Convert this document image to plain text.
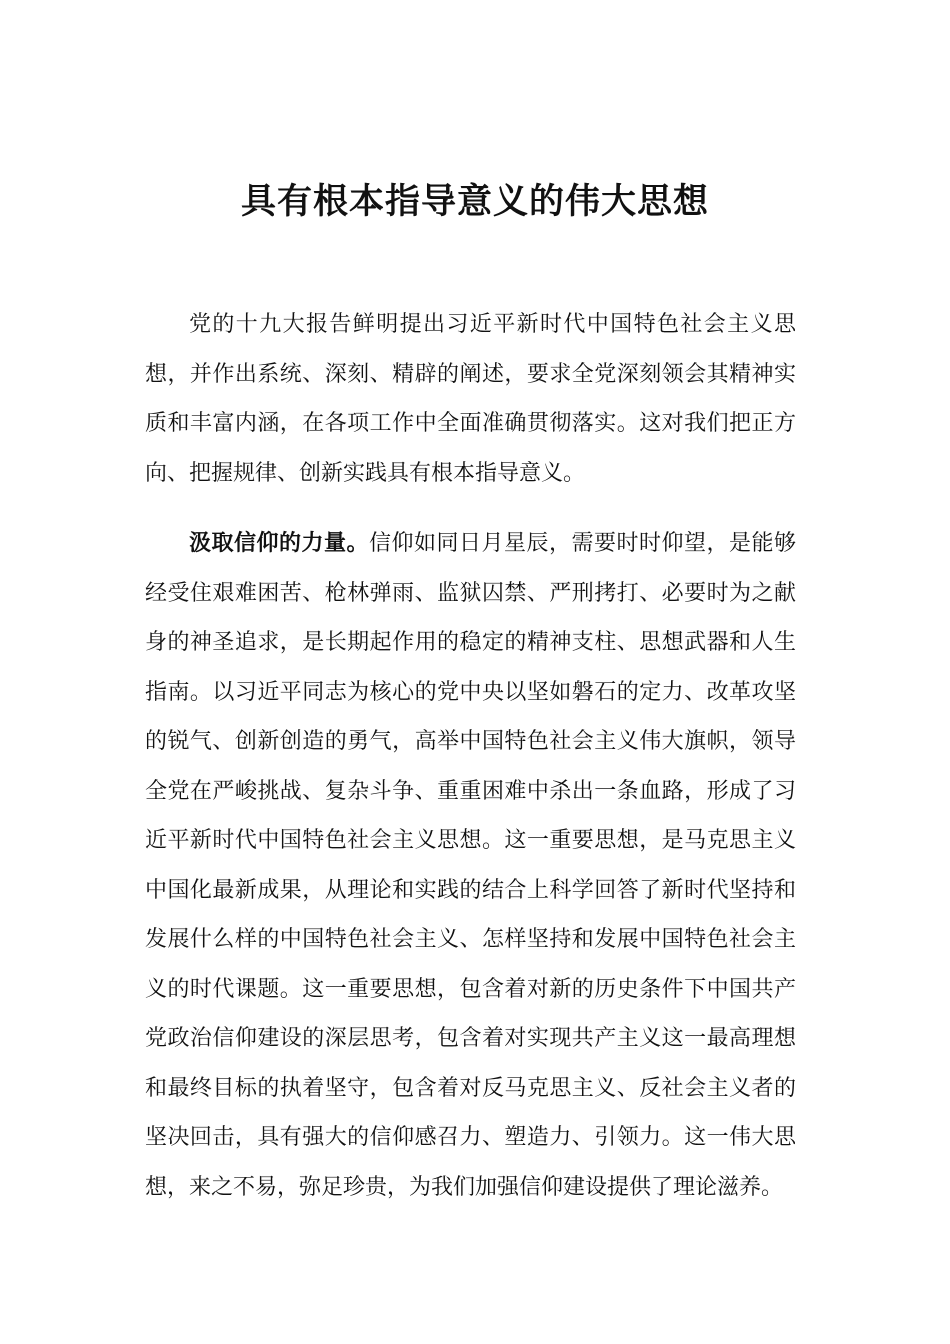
具有根本指导意义的伟大思想

党的十九大报告鲜明提出习近平新时代中国特色社会主义思想，并作出系统、深刻、精辟的阐述，要求全党深刻领会其精神实质和丰富内涵，在各项工作中全面准确贯彻落实。这对我们把正方向、把握规律、创新实践具有根本指导意义。

汲取信仰的力量。信仰如同日月星辰，需要时时仰望，是能够经受住艰难困苦、枪林弹雨、监狱囚禁、严刑拷打、必要时为之献身的神圣追求，是长期起作用的稳定的精神支柱、思想武器和人生指南。以习近平同志为核心的党中央以坚如磐石的定力、改革攻坚的锐气、创新创造的勇气，高举中国特色社会主义伟大旗帜，领导全党在严峻挑战、复杂斗争、重重困难中杀出一条血路，形成了习近平新时代中国特色社会主义思想。这一重要思想，是马克思主义中国化最新成果，从理论和实践的结合上科学回答了新时代坚持和发展什么样的中国特色社会主义、怎样坚持和发展中国特色社会主义的时代课题。这一重要思想，包含着对新的历史条件下中国共产党政治信仰建设的深层思考，包含着对实现共产主义这一最高理想和最终目标的执着坚守，包含着对反马克思主义、反社会主义者的坚决回击，具有强大的信仰感召力、塑造力、引领力。这一伟大思想，来之不易，弥足珍贵，为我们加强信仰建设提供了理论滋养。
